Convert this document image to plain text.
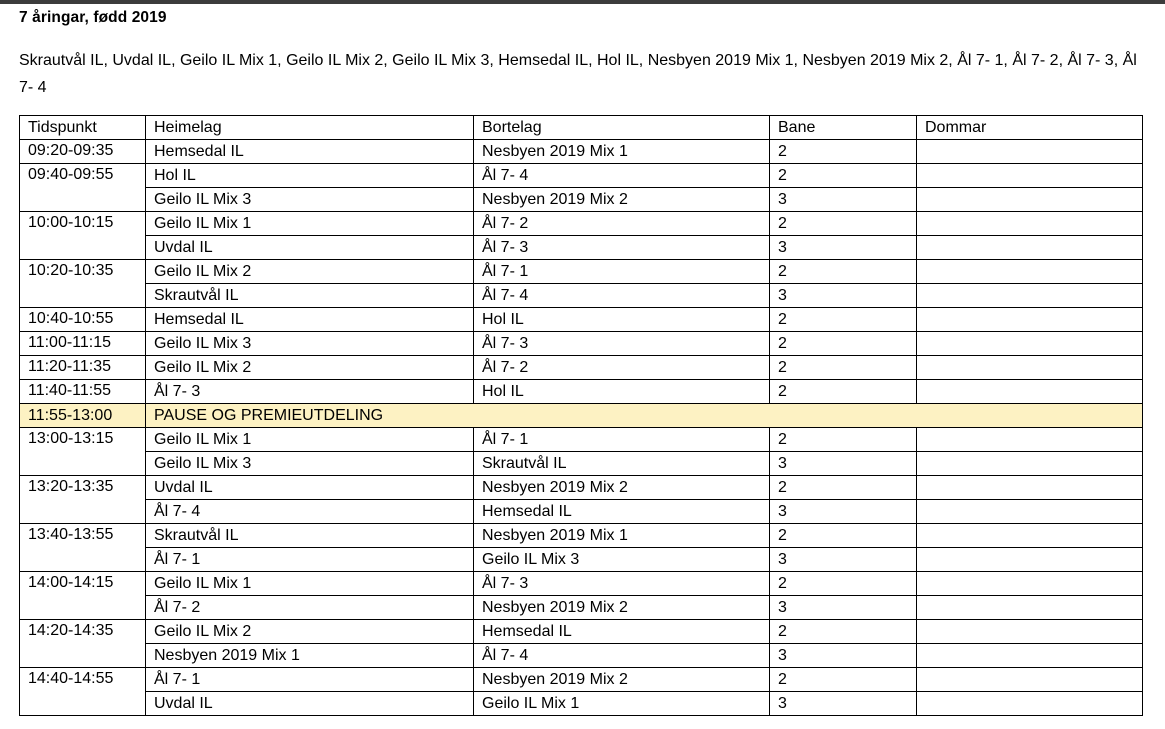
7 åringar, fødd 2019
Skrautvål IL, Uvdal IL, Geilo IL Mix 1, Geilo IL Mix 2, Geilo IL Mix 3, Hemsedal IL, Hol IL, Nesbyen 2019 Mix 1, Nesbyen 2019 Mix 2, Ål 7- 1, Ål 7- 2, Ål 7- 3, Ål 7- 4
Tidspunkt	Heimelag	Bortelag	Bane	Dommar
09:20-09:35	Hemsedal IL	Nesbyen 2019 Mix 1	2	
09:40-09:55	Hol IL	Ål 7- 4	2	
	Geilo IL Mix 3	Nesbyen 2019 Mix 2	3	
10:00-10:15	Geilo IL Mix 1	Ål 7- 2	2	
	Uvdal IL	Ål 7- 3	3	
10:20-10:35	Geilo IL Mix 2	Ål 7- 1	2	
	Skrautvål IL	Ål 7- 4	3	
10:40-10:55	Hemsedal IL	Hol IL	2	
11:00-11:15	Geilo IL Mix 3	Ål 7- 3	2	
11:20-11:35	Geilo IL Mix 2	Ål 7- 2	2	
11:40-11:55	Ål 7- 3	Hol IL	2	
11:55-13:00	PAUSE OG PREMIEUTDELING			
13:00-13:15	Geilo IL Mix 1	Ål 7- 1	2	
	Geilo IL Mix 3	Skrautvål IL	3	
13:20-13:35	Uvdal IL	Nesbyen 2019 Mix 2	2	
	Ål 7- 4	Hemsedal IL	3	
13:40-13:55	Skrautvål IL	Nesbyen 2019 Mix 1	2	
	Ål 7- 1	Geilo IL Mix 3	3	
14:00-14:15	Geilo IL Mix 1	Ål 7- 3	2	
	Ål 7- 2	Nesbyen 2019 Mix 2	3	
14:20-14:35	Geilo IL Mix 2	Hemsedal IL	2	
	Nesbyen 2019 Mix 1	Ål 7- 4	3	
14:40-14:55	Ål 7- 1	Nesbyen 2019 Mix 2	2	
	Uvdal IL	Geilo IL Mix 1	3	
